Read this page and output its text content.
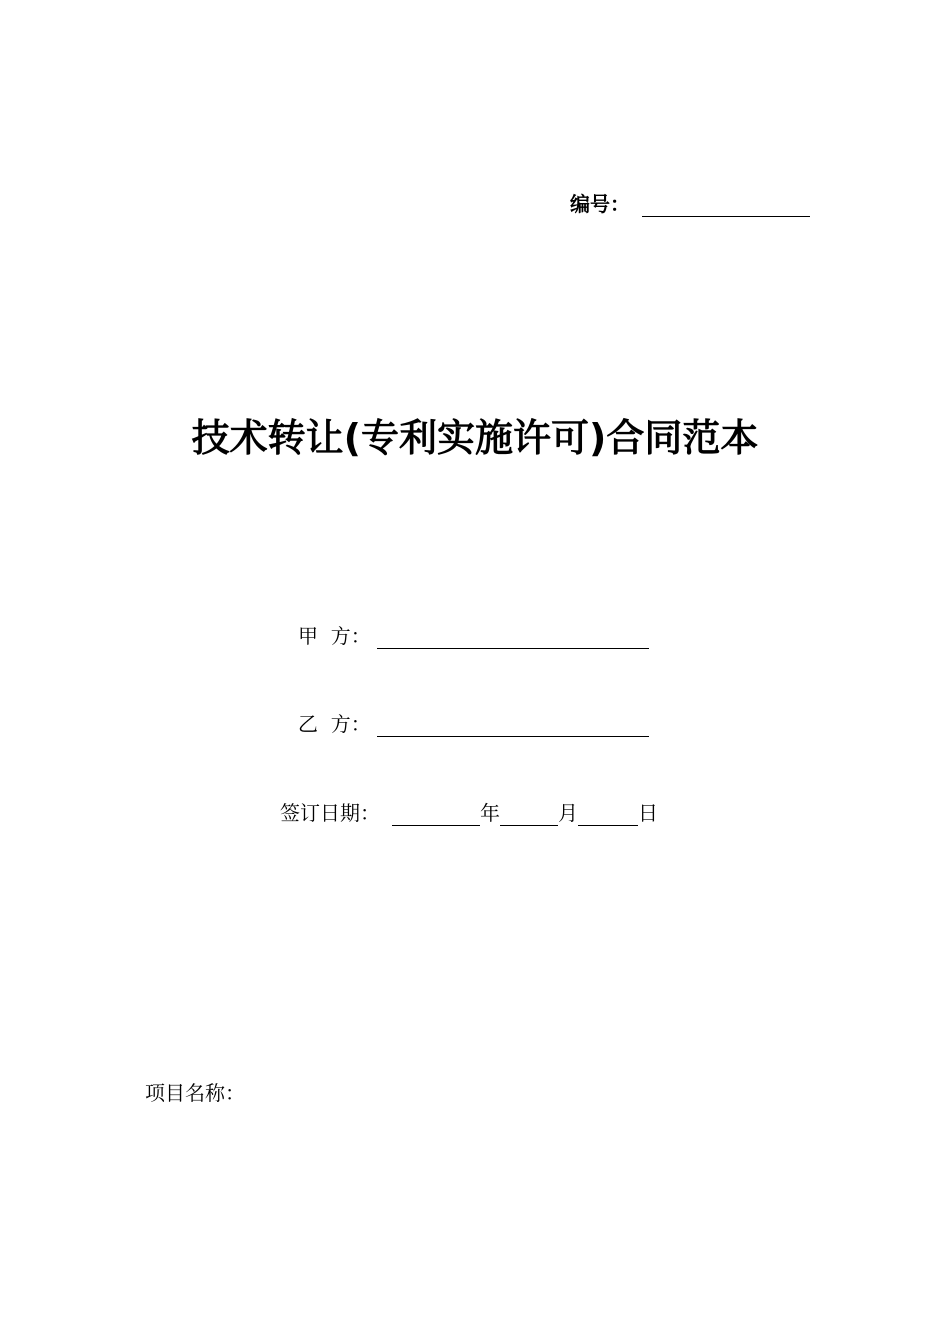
编号：
技术转让(专利实施许可)合同范本
甲  方：
乙  方：
签订日期：	年	月	日
项目名称：
